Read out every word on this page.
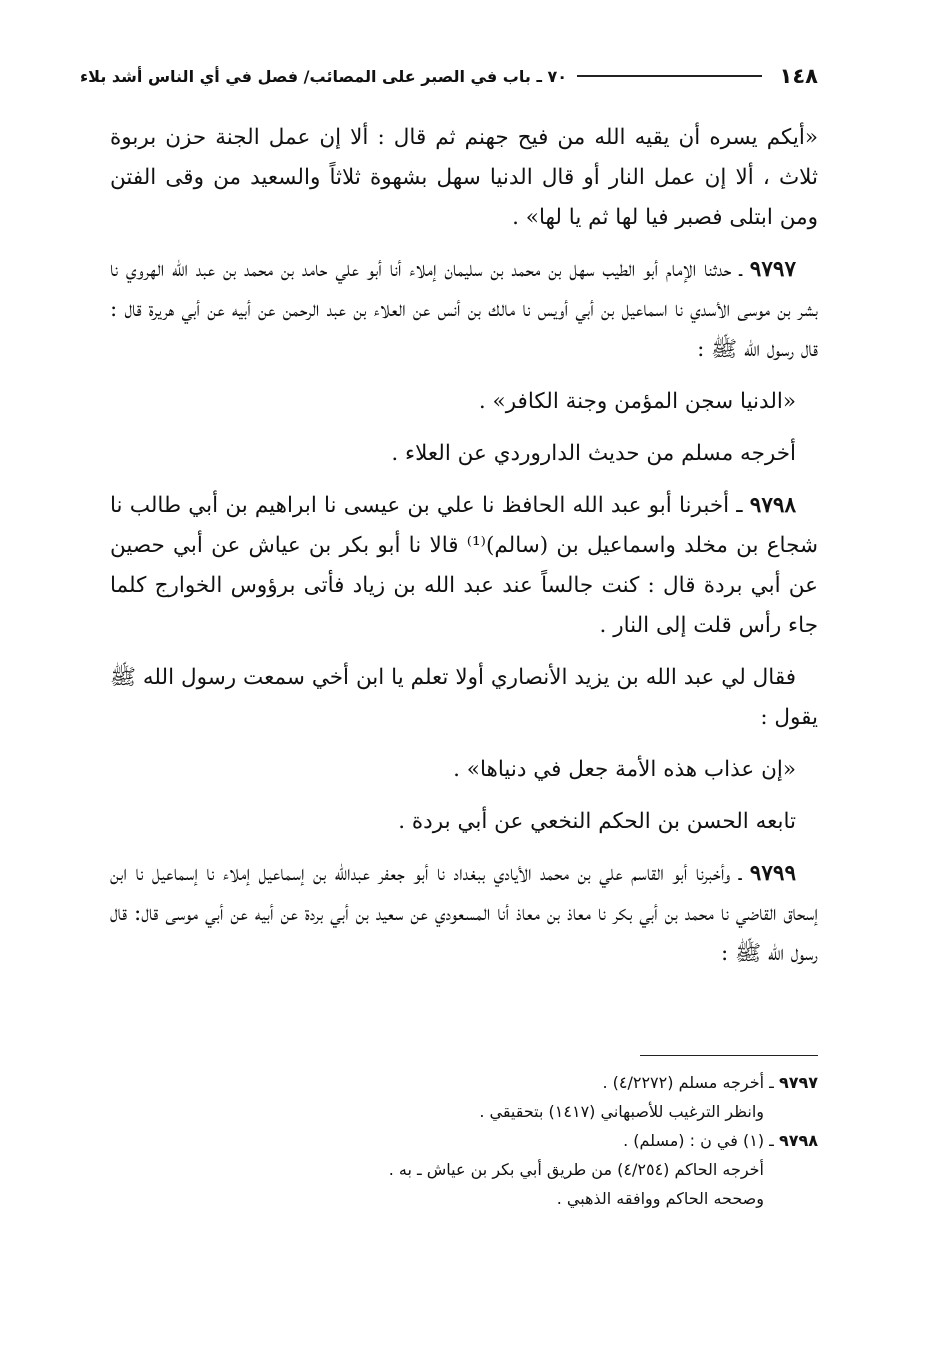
١٤٨
٧٠ ـ باب في الصبر على المصائب/ فصل في أي الناس أشد بلاء

«أيكم يسره أن يقيه الله من فيح جهنم ثم قال : ألا إن عمل الجنة حزن بربوة ثلاث ، ألا إن عمل النار أو قال الدنيا سهل بشهوة ثلاثاً والسعيد من وقى الفتن ومن ابتلى فصبر فيا لها ثم يا لها» .

٩٧٩٧ ـ حدثنا الإمام أبو الطيب سهل بن محمد بن سليمان إملاء أنا أبو علي حامد بن محمد بن عبد الله الهروي نا بشر بن موسى الأسدي نا اسماعيل بن أبي أويس نا مالك بن أنس عن العلاء بن عبد الرحمن عن أبيه عن أبي هريرة قال : قال رسول الله ﷺ :

«الدنيا سجن المؤمن وجنة الكافر» .

أخرجه مسلم من حديث الداروردي عن العلاء .

٩٧٩٨ ـ أخبرنا أبو عبد الله الحافظ نا علي بن عيسى نا ابراهيم بن أبي طالب نا شجاع بن مخلد واسماعيل بن (سالم)⁽¹⁾ قالا نا أبو بكر بن عياش عن أبي حصين عن أبي بردة قال : كنت جالساً عند عبد الله بن زياد فأتى برؤوس الخوارج كلما جاء رأس قلت إلى النار .

فقال لي عبد الله بن يزيد الأنصاري أولا تعلم يا ابن أخي سمعت رسول الله ﷺ يقول :

«إن عذاب هذه الأمة جعل في دنياها» .

تابعه الحسن بن الحكم النخعي عن أبي بردة .

٩٧٩٩ ـ وأخبرنا أبو القاسم علي بن محمد الأيادي ببغداد نا أبو جعفر عبدالله بن إسماعيل إملاء نا إسماعيل نا ابن إسحاق القاضي نا محمد بن أبي بكر نا معاذ بن معاذ أنا المسعودي عن سعيد بن أبي بردة عن أبيه عن أبي موسى قال: قال رسول الله ﷺ :

٩٧٩٧ ـ أخرجه مسلم (٤/٢٢٧٢) .

وانظر الترغيب للأصبهاني (١٤١٧) بتحقيقي .

٩٧٩٨ ـ (١) في ن : (مسلم) .

أخرجه الحاكم (٤/٢٥٤) من طريق أبي بكر بن عياش ـ به .

وصححه الحاكم ووافقه الذهبي .
